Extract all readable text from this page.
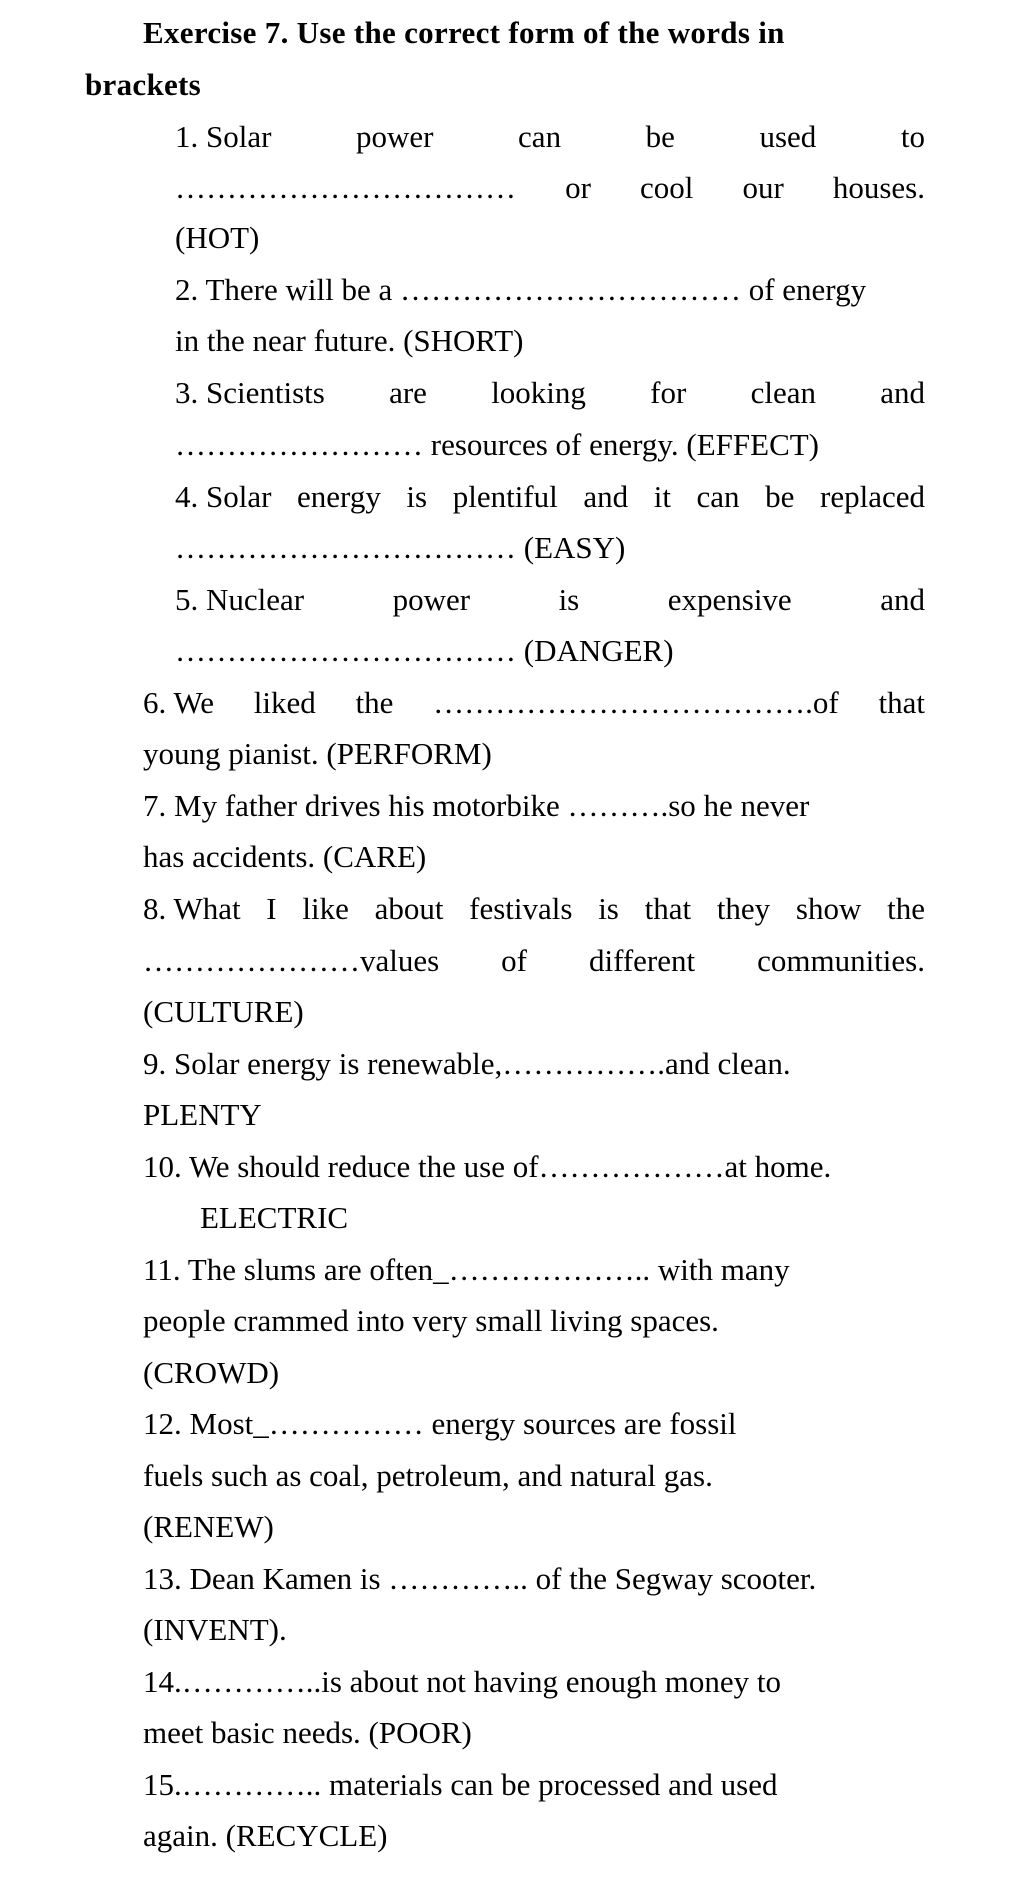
Exercise 7. Use the correct form of the words in

brackets

1. Solar	power	can	be	used	to

…………………………… or cool our houses.

(HOT)

2. There will be a …………………………… of energy

in the near future. (SHORT)

3. Scientists are looking for clean and

…………………… resources of energy. (EFFECT)

4. Solar energy is plentiful and it can be replaced

…………………………… (EASY)

5. Nuclear	power	is	expensive	and

…………………………… (DANGER)

6. We liked the ……………………………….of that

young pianist. (PERFORM)

7. My father drives his motorbike ……….so he never

has accidents. (CARE)

8. What I like about festivals is that they show the

…………………values of different communities.

(CULTURE)

9. Solar energy is renewable,…………….and clean.

PLENTY

10. We should reduce the use of………………at home.

ELECTRIC

11. The slums are often_……………….. with many

people crammed into very small living spaces.

(CROWD)

12. Most_…………… energy sources are fossil

fuels such as coal, petroleum, and natural gas.

(RENEW)

13. Dean Kamen is ………….. of the Segway scooter.

(INVENT).

14.…………..is about not having enough money to

meet basic needs. (POOR)

15.………….. materials can be processed and used

again. (RECYCLE)
